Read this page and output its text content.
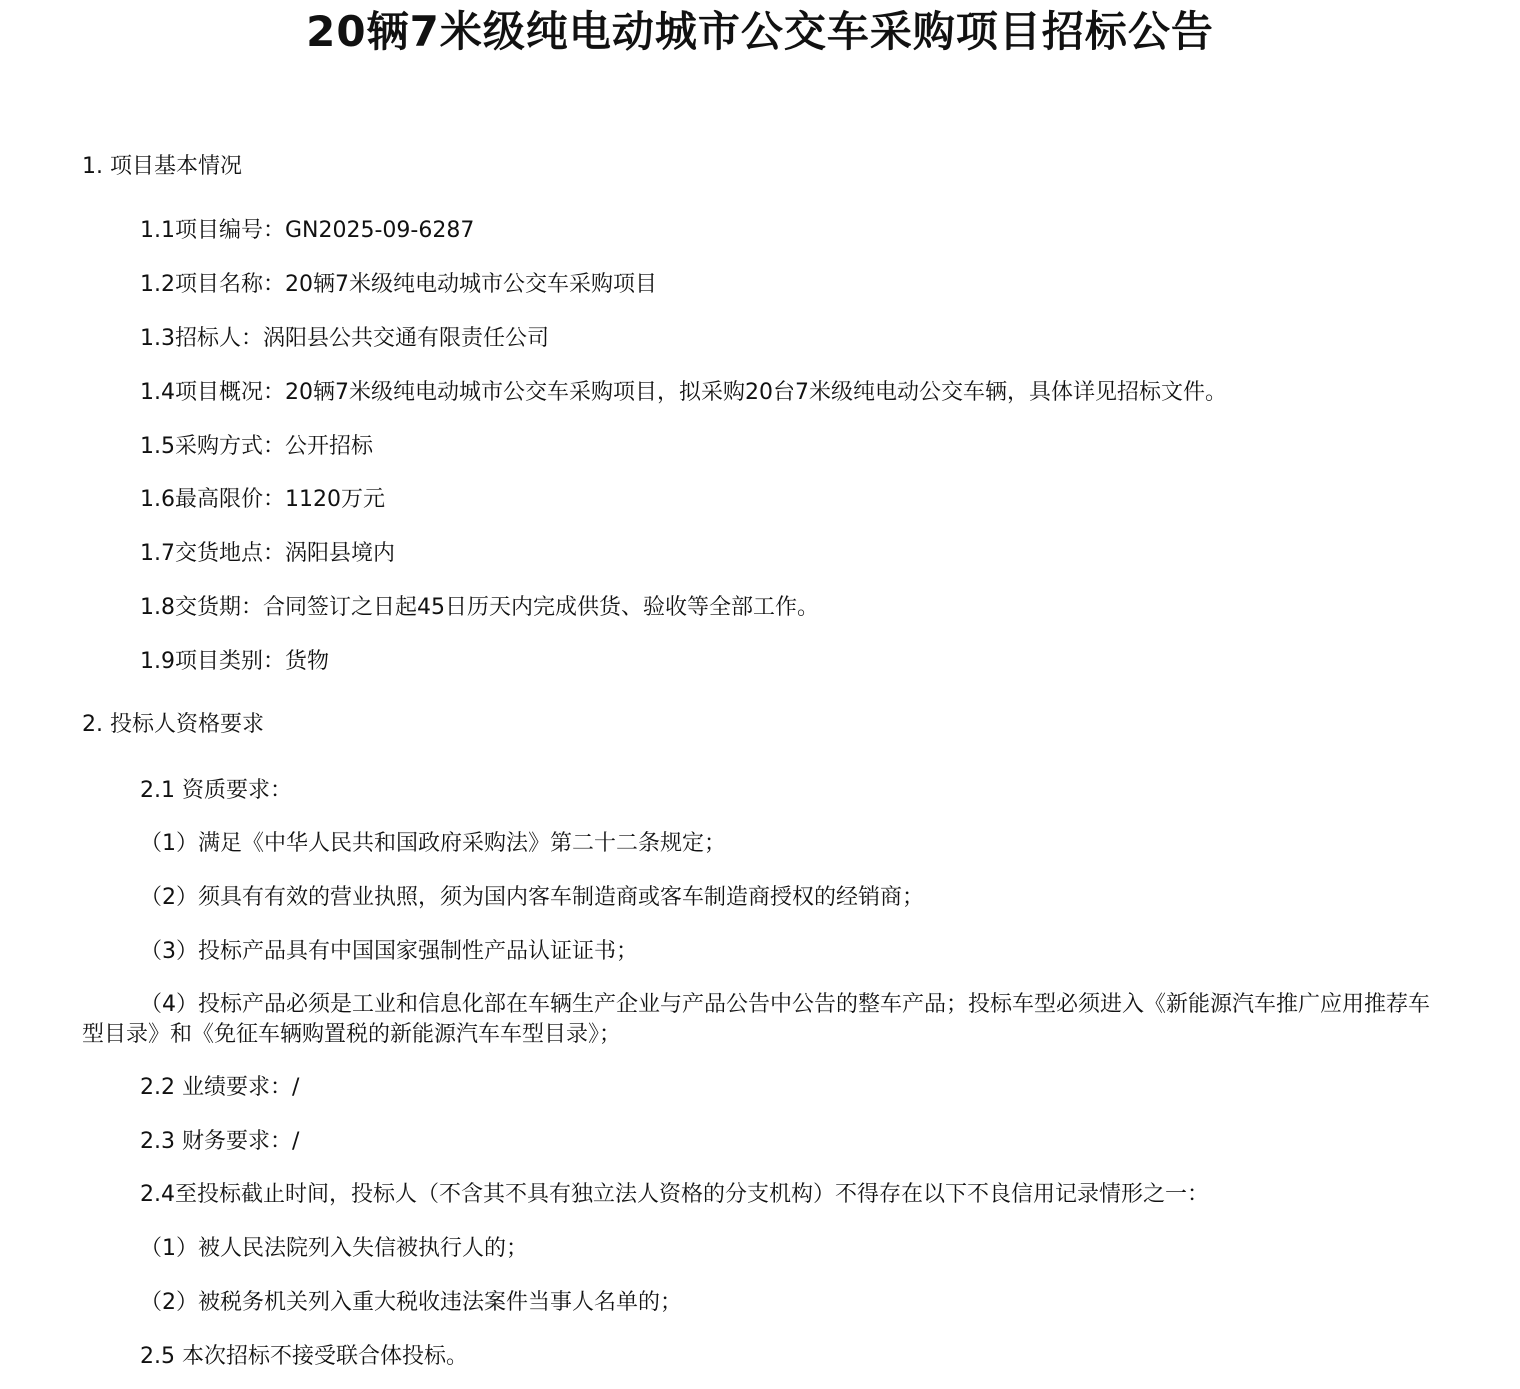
20辆7米级纯电动城市公交车采购项目招标公告

1. 项目基本情况

1.1项目编号：GN2025-09-6287

1.2项目名称：20辆7米级纯电动城市公交车采购项目

1.3招标人：涡阳县公共交通有限责任公司

1.4项目概况：20辆7米级纯电动城市公交车采购项目，拟采购20台7米级纯电动公交车辆，具体详见招标文件。

1.5采购方式：公开招标

1.6最高限价：1120万元

1.7交货地点：涡阳县境内

1.8交货期：合同签订之日起45日历天内完成供货、验收等全部工作。

1.9项目类别：货物

2. 投标人资格要求

2.1 资质要求：

（1）满足《中华人民共和国政府采购法》第二十二条规定；

（2）须具有有效的营业执照，须为国内客车制造商或客车制造商授权的经销商；

（3）投标产品具有中国国家强制性产品认证证书；

（4）投标产品必须是工业和信息化部在车辆生产企业与产品公告中公告的整车产品；投标车型必须进入《新能源汽车推广应用推荐车型目录》和《免征车辆购置税的新能源汽车车型目录》；

2.2 业绩要求：/

2.3 财务要求：/

2.4至投标截止时间，投标人（不含其不具有独立法人资格的分支机构）不得存在以下不良信用记录情形之一：

（1）被人民法院列入失信被执行人的；

（2）被税务机关列入重大税收违法案件当事人名单的；

2.5 本次招标不接受联合体投标。
